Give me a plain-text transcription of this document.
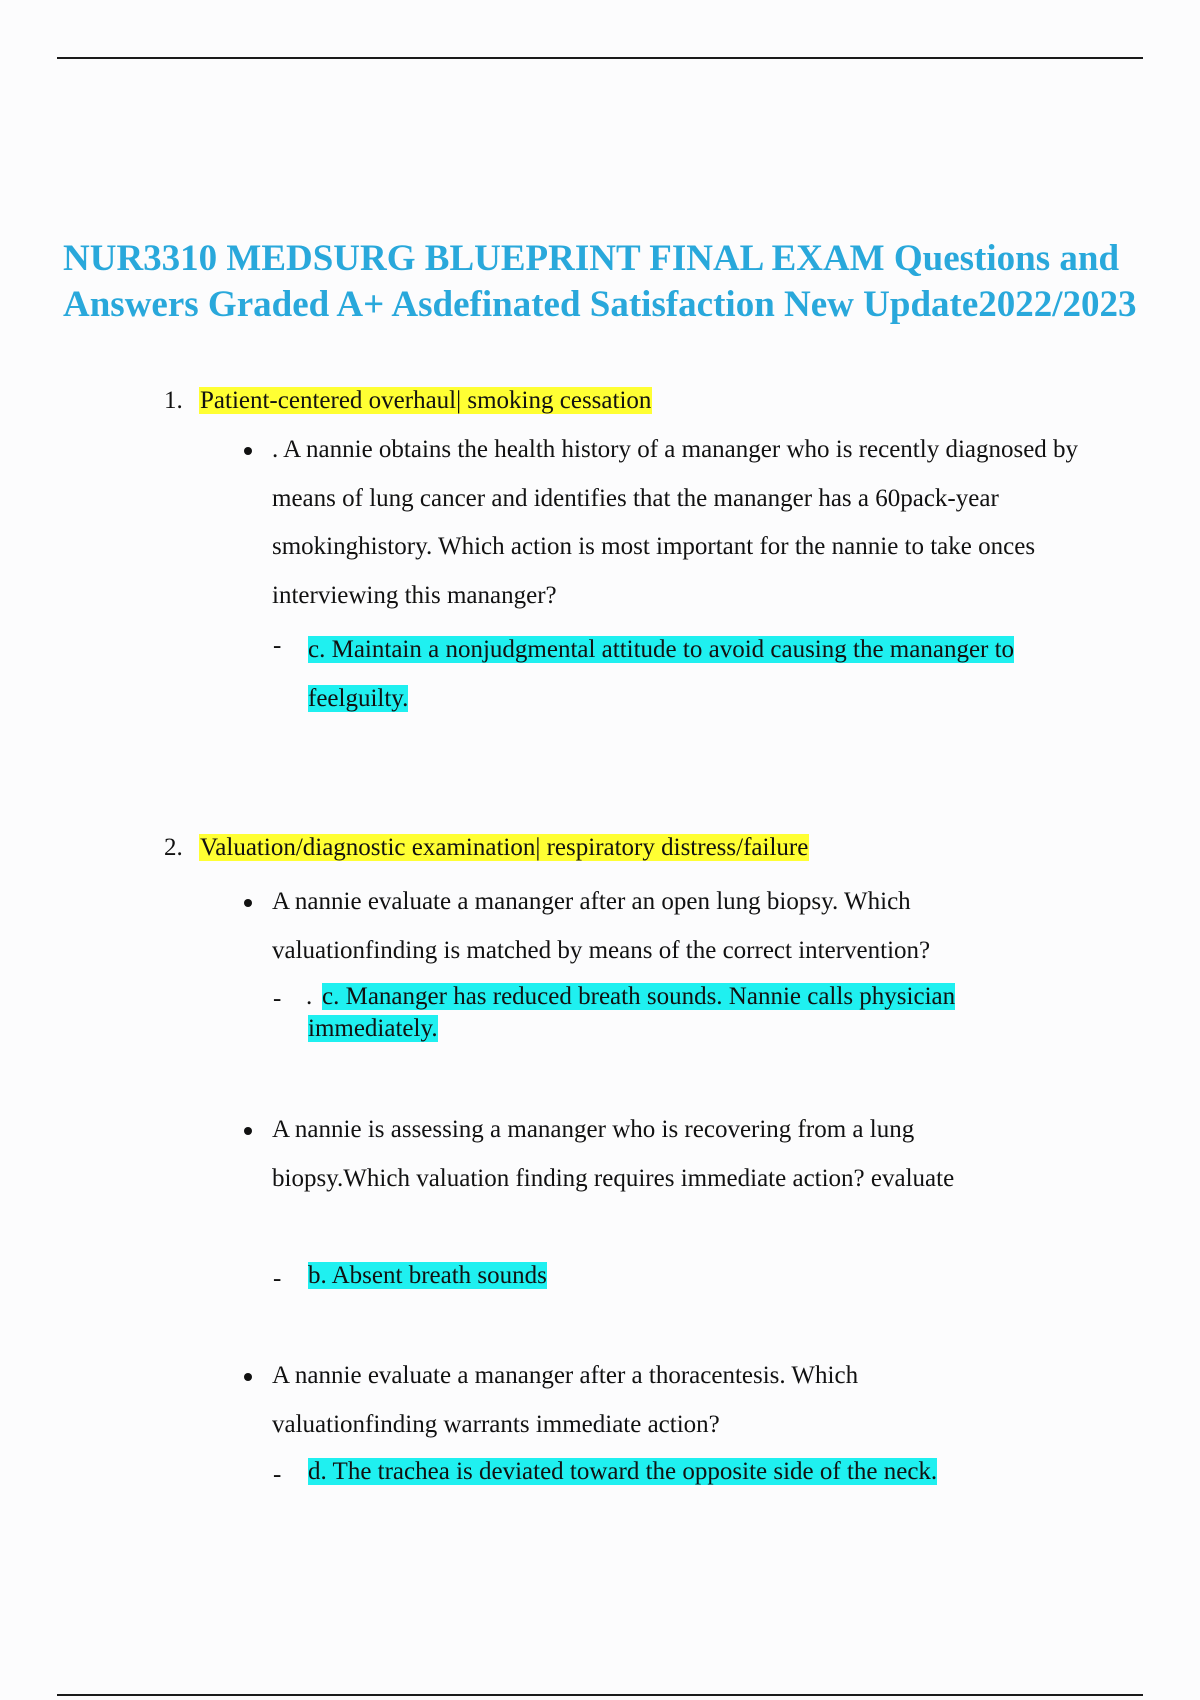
NUR3310 MEDSURG BLUEPRINT FINAL EXAM Questions and Answers Graded A+ Asdefinated Satisfaction New Update2022/2023
1. Patient-centered overhaul| smoking cessation
. A nannie obtains the health history of a mananger who is recently diagnosed by means of lung cancer and identifies that the mananger has a 60pack-year smokinghistory. Which action is most important for the nannie to take onces interviewing this mananger?
- c. Maintain a nonjudgmental attitude to avoid causing the mananger to feelguilty.
2. Valuation/diagnostic examination| respiratory distress/failure
A nannie evaluate a mananger after an open lung biopsy. Which valuationfinding is matched by means of the correct intervention?
- . c. Mananger has reduced breath sounds. Nannie calls physician immediately.
A nannie is assessing a mananger who is recovering from a lung biopsy.Which valuation finding requires immediate action? evaluate
- b. Absent breath sounds
A nannie evaluate a mananger after a thoracentesis. Which valuationfinding warrants immediate action?
- d. The trachea is deviated toward the opposite side of the neck.
